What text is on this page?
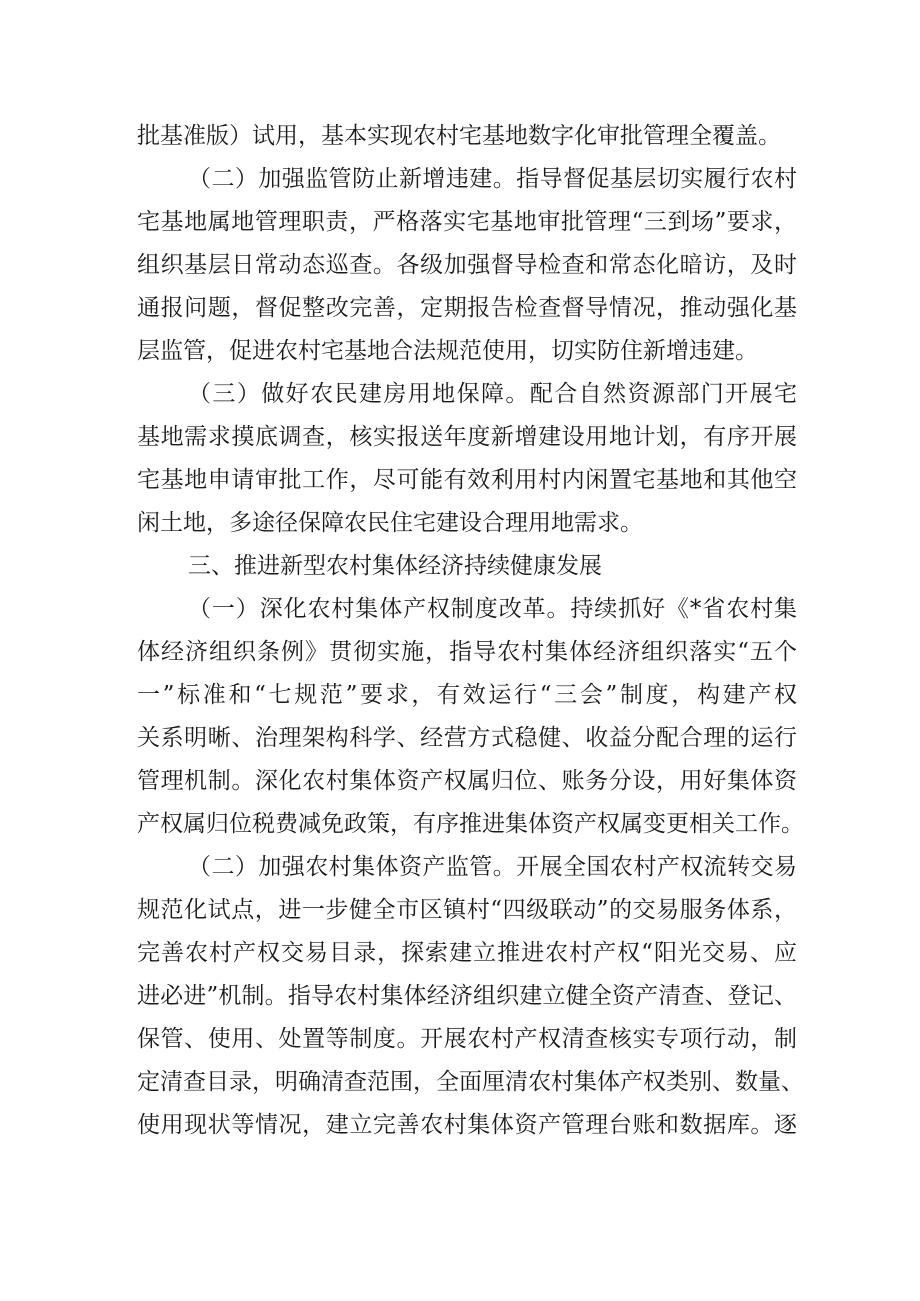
批基准版）试用，基本实现农村宅基地数字化审批管理全覆盖。
（二）加强监管防止新增违建。指导督促基层切实履行农村
宅基地属地管理职责，严格落实宅基地审批管理“三到场”要求，
组织基层日常动态巡查。各级加强督导检查和常态化暗访，及时
通报问题，督促整改完善，定期报告检查督导情况，推动强化基
层监管，促进农村宅基地合法规范使用，切实防住新增违建。
（三）做好农民建房用地保障。配合自然资源部门开展宅
基地需求摸底调查，核实报送年度新增建设用地计划，有序开展
宅基地申请审批工作，尽可能有效利用村内闲置宅基地和其他空
闲土地，多途径保障农民住宅建设合理用地需求。
三、推进新型农村集体经济持续健康发展
（一）深化农村集体产权制度改革。持续抓好《*省农村集
体经济组织条例》贯彻实施，指导农村集体经济组织落实“五个
一”标准和“七规范”要求，有效运行“三会”制度，构建产权
关系明晰、治理架构科学、经营方式稳健、收益分配合理的运行
管理机制。深化农村集体资产权属归位、账务分设，用好集体资
产权属归位税费减免政策，有序推进集体资产权属变更相关工作。
（二）加强农村集体资产监管。开展全国农村产权流转交易
规范化试点，进一步健全市区镇村“四级联动”的交易服务体系，
完善农村产权交易目录，探索建立推进农村产权“阳光交易、应
进必进”机制。指导农村集体经济组织建立健全资产清查、登记、
保管、使用、处置等制度。开展农村产权清查核实专项行动，制
定清查目录，明确清查范围，全面厘清农村集体产权类别、数量、
使用现状等情况，建立完善农村集体资产管理台账和数据库。逐
